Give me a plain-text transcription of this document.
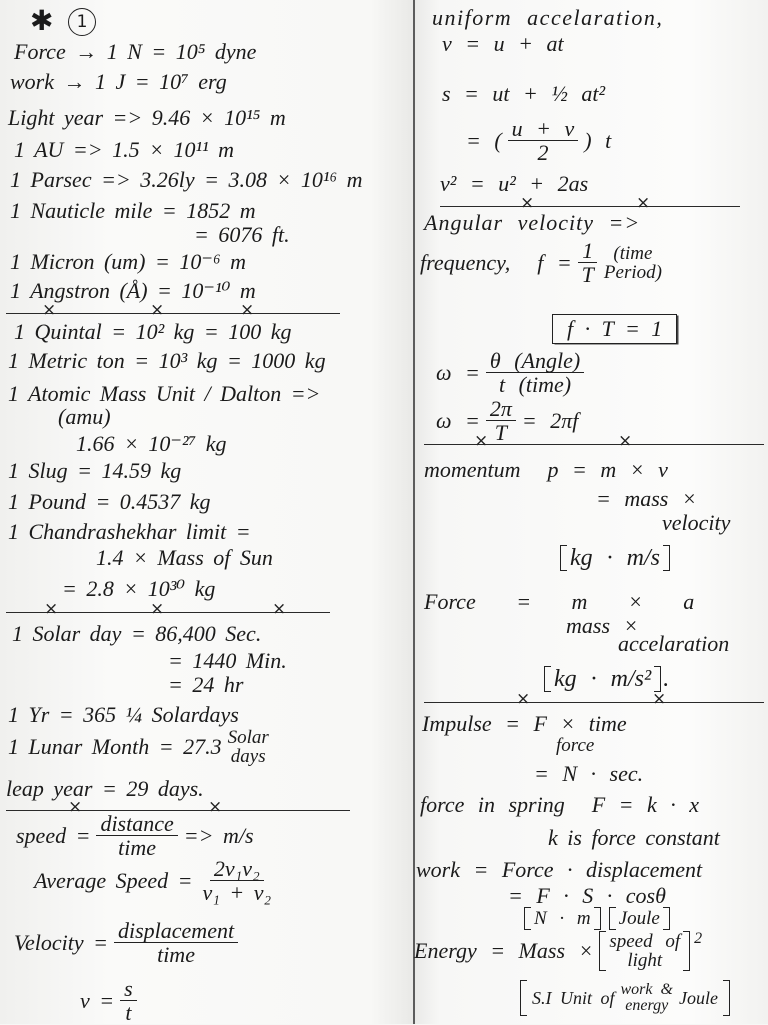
✱	1
Force → 1 N = 10⁵ dyne
work → 1 J = 10⁷ erg
Light year => 9.46 × 10¹⁵ m
1 AU => 1.5 × 10¹¹ m
1 Parsec => 3.26ly = 3.08 × 10¹⁶ m
1 Nauticle mile = 1852 m
= 6076 ft.
1 Micron (um) = 10⁻⁶ m
1 Angstron (Å) = 10⁻¹⁰ m
×	×	×
1 Quintal = 10² kg = 100 kg
1 Metric ton = 10³ kg = 1000 kg
1 Atomic Mass Unit / Dalton =>
(amu)
1.66 × 10⁻²⁷ kg
1 Slug = 14.59 kg
1 Pound = 0.4537 kg
1 Chandrashekhar limit =
1.4 × Mass of Sun
= 2.8 × 10³⁰ kg
×	×	×
1 Solar day = 86,400 Sec.
= 1440 Min.
= 24 hr
1 Yr = 365 ¼ Solardays
1 Lunar Month = 27.3 Solar
days
leap year = 29 days.
×	×
speed = $\frac{\text{distance}}{\text{time}} => m/s$
Average Speed = $\frac{\text{2v₁v₂}}{\text{v₁ + v₂}}$
Velocity = $\frac{\text{displacement}}{\text{time}}$
$v = \frac{s}{t}$
uniform accelaration,
v = u + at
s = ut + ½ at²
= ( $\frac{u + v}{2}$ ) t
v² = u² + 2as
×	×
Angular velocity =>
frequency,  $f = \frac{1}{T}$ (time
Period)
f · T = 1
$\omega = \frac{\text{θ (Angle)}}{\text{t (time)}}$
$\omega = \frac{2\pi}{T} = 2\pi f$
×	×
momentum  p = m × v
= mass ×
velocity
kg · m/s
Force   =   m   ×   a
mass ×
accelaration
kg · m/s² .
×	×
Impulse = F × time
force
= N · sec.
force in spring  F = k · x
k is force constant
work = Force · displacement
= F · S · cosθ
N · m	Joule
Energy = Mass × speed of
light
2
S.I Unit of work &
energy Joule
